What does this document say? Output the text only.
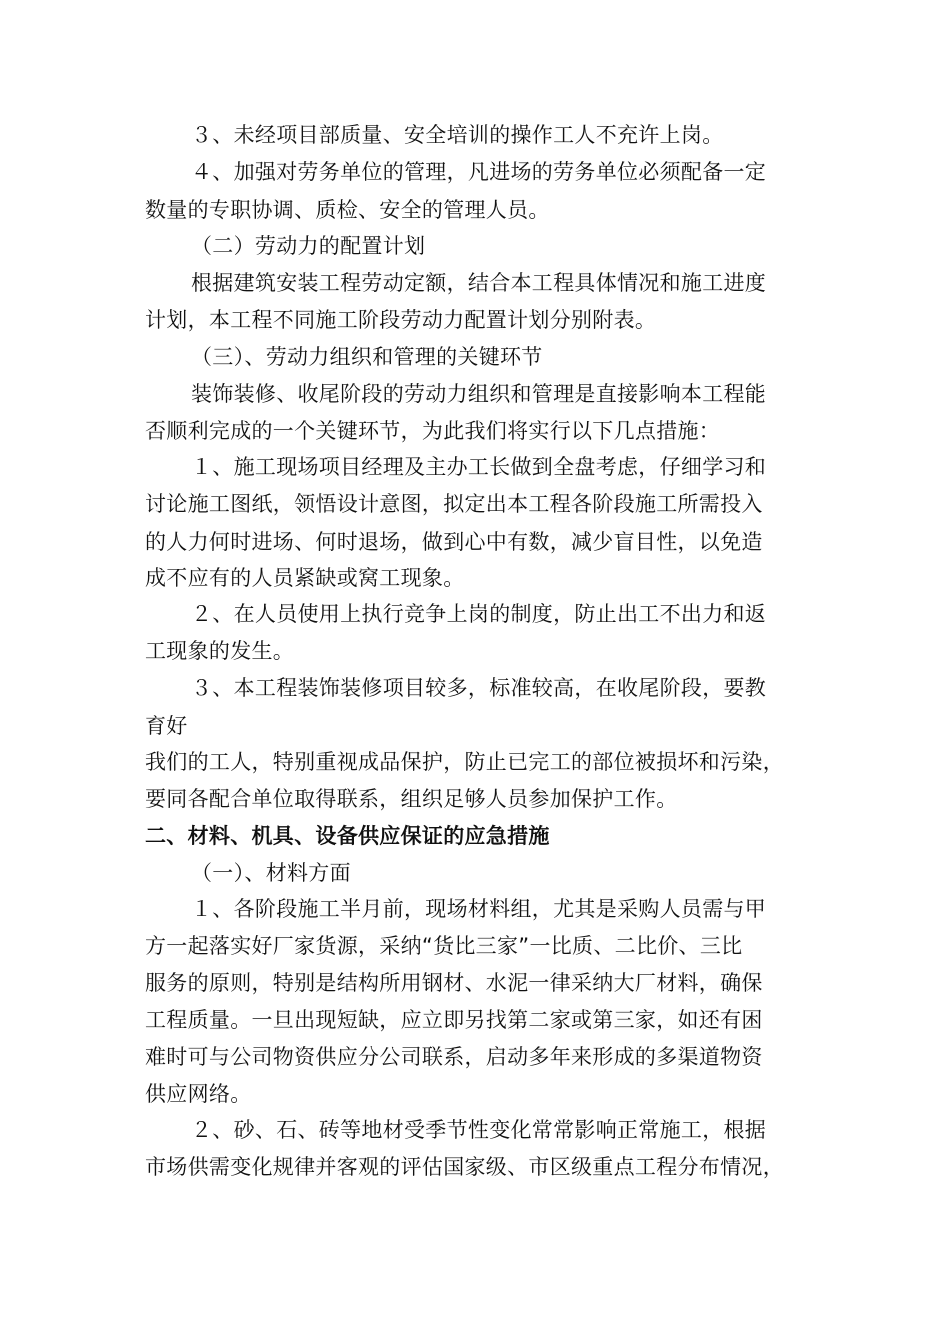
３、未经项目部质量、安全培训的操作工人不充许上岗。
４、加强对劳务单位的管理，凡进场的劳务单位必须配备一定
数量的专职协调、质检、安全的管理人员。
（二）劳动力的配置计划
根据建筑安装工程劳动定额，结合本工程具体情况和施工进度
计划，本工程不同施工阶段劳动力配置计划分别附表。
（三）、劳动力组织和管理的关键环节
装饰装修、收尾阶段的劳动力组织和管理是直接影响本工程能
否顺利完成的一个关键环节，为此我们将实行以下几点措施：
１、施工现场项目经理及主办工长做到全盘考虑，仔细学习和
讨论施工图纸，领悟设计意图，拟定出本工程各阶段施工所需投入
的人力何时进场、何时退场，做到心中有数，减少盲目性，以免造
成不应有的人员紧缺或窝工现象。
２、在人员使用上执行竞争上岗的制度，防止出工不出力和返
工现象的发生。
３、本工程装饰装修项目较多，标准较高，在收尾阶段，要教
育好
我们的工人，特别重视成品保护，防止已完工的部位被损坏和污染，
要同各配合单位取得联系，组织足够人员参加保护工作。
二、材料、机具、设备供应保证的应急措施
（一）、材料方面
１、各阶段施工半月前，现场材料组，尤其是采购人员需与甲
方一起落实好厂家货源，采纳“货比三家”一比质、二比价、三比
服务的原则，特别是结构所用钢材、水泥一律采纳大厂材料，确保
工程质量。一旦出现短缺，应立即另找第二家或第三家，如还有困
难时可与公司物资供应分公司联系，启动多年来形成的多渠道物资
供应网络。
２、砂、石、砖等地材受季节性变化常常影响正常施工，根据
市场供需变化规律并客观的评估国家级、市区级重点工程分布情况，
